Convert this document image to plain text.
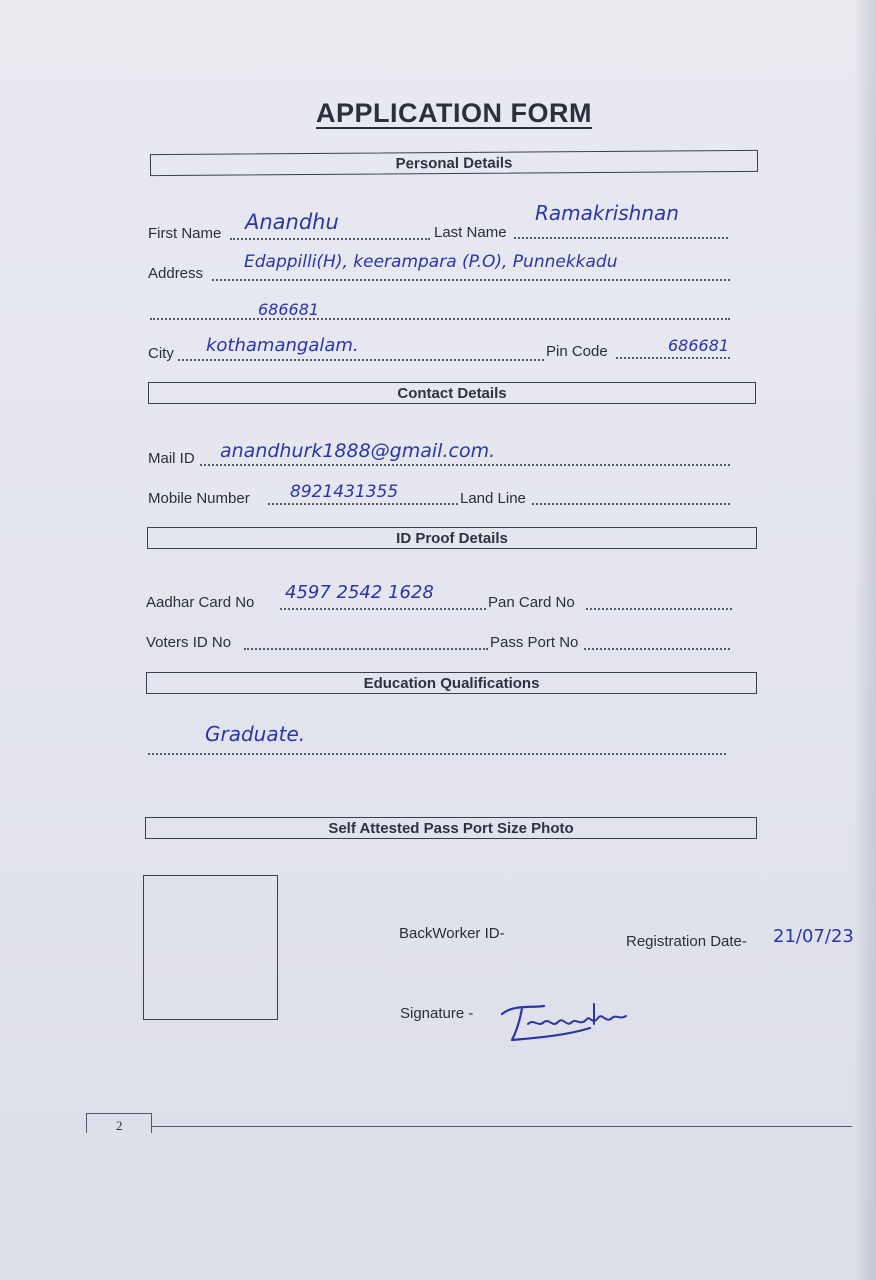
APPLICATION FORM
Personal Details
First Name Anandhu	Last Name
Ramakrishnan
Address
Edappilli(H), keerampara (P.O), Punnekkadu
686681
City kothamangalam.	Pin Code	686681
Contact Details
Mail ID anandhurk1888@gmail.com.
Mobile Number 8921431355	Land Line
ID Proof Details
Aadhar Card No 4597 2542 1628	Pan Card No
Voters ID No	Pass Port No
Education Qualifications
Graduate.
Self Attested Pass Port Size Photo
BackWorker ID-	Registration Date- 21/07/23
Signature -
2
